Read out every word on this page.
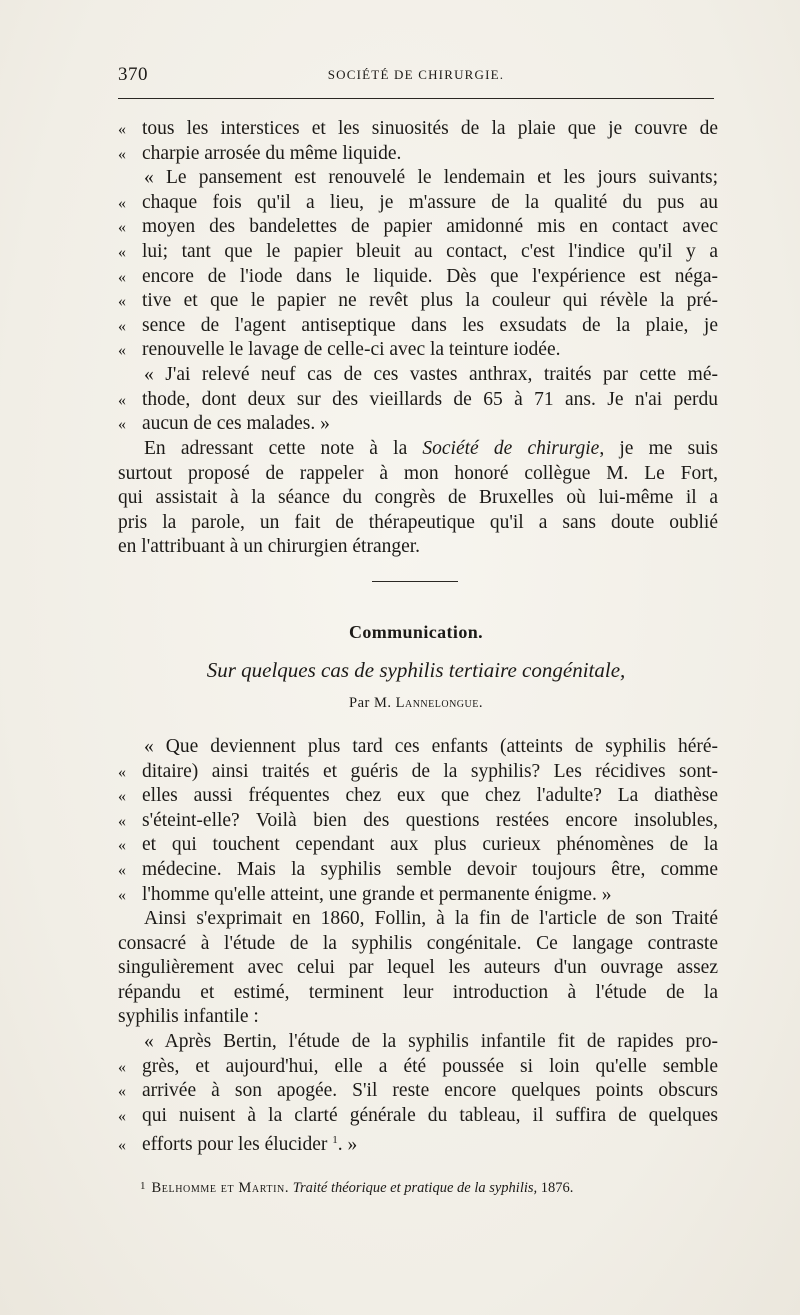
370	SOCIÉTÉ DE CHIRURGIE.
« tous les interstices et les sinuosités de la plaie que je couvre de
« charpie arrosée du même liquide.
« Le pansement est renouvelé le lendemain et les jours suivants;
« chaque fois qu'il a lieu, je m'assure de la qualité du pus au
« moyen des bandelettes de papier amidonné mis en contact avec
« lui; tant que le papier bleuit au contact, c'est l'indice qu'il y a
« encore de l'iode dans le liquide. Dès que l'expérience est néga-
« tive et que le papier ne revêt plus la couleur qui révèle la pré-
« sence de l'agent antiseptique dans les exsudats de la plaie, je
« renouvelle le lavage de celle-ci avec la teinture iodée.
« J'ai relevé neuf cas de ces vastes anthrax, traités par cette mé-
« thode, dont deux sur des vieillards de 65 à 71 ans. Je n'ai perdu
« aucun de ces malades. »
En adressant cette note à la Société de chirurgie, je me suis
surtout proposé de rappeler à mon honoré collègue M. Le Fort,
qui assistait à la séance du congrès de Bruxelles où lui-même il a
pris la parole, un fait de thérapeutique qu'il a sans doute oublié
en l'attribuant à un chirurgien étranger.
Communication.
Sur quelques cas de syphilis tertiaire congénitale,
Par M. Lannelongue.
« Que deviennent plus tard ces enfants (atteints de syphilis héré-
« ditaire) ainsi traités et guéris de la syphilis? Les récidives sont-
« elles aussi fréquentes chez eux que chez l'adulte? La diathèse
« s'éteint-elle? Voilà bien des questions restées encore insolubles,
« et qui touchent cependant aux plus curieux phénomènes de la
« médecine. Mais la syphilis semble devoir toujours être, comme
« l'homme qu'elle atteint, une grande et permanente énigme. »
Ainsi s'exprimait en 1860, Follin, à la fin de l'article de son Traité
consacré à l'étude de la syphilis congénitale. Ce langage contraste
singulièrement avec celui par lequel les auteurs d'un ouvrage assez
répandu et estimé, terminent leur introduction à l'étude de la
syphilis infantile :
« Après Bertin, l'étude de la syphilis infantile fit de rapides pro-
« grès, et aujourd'hui, elle a été poussée si loin qu'elle semble
« arrivée à son apogée. S'il reste encore quelques points obscurs
« qui nuisent à la clarté générale du tableau, il suffira de quelques
« efforts pour les élucider $^1$. »
$^1$ Belhomme et Martin. Traité théorique et pratique de la syphilis, 1876.
